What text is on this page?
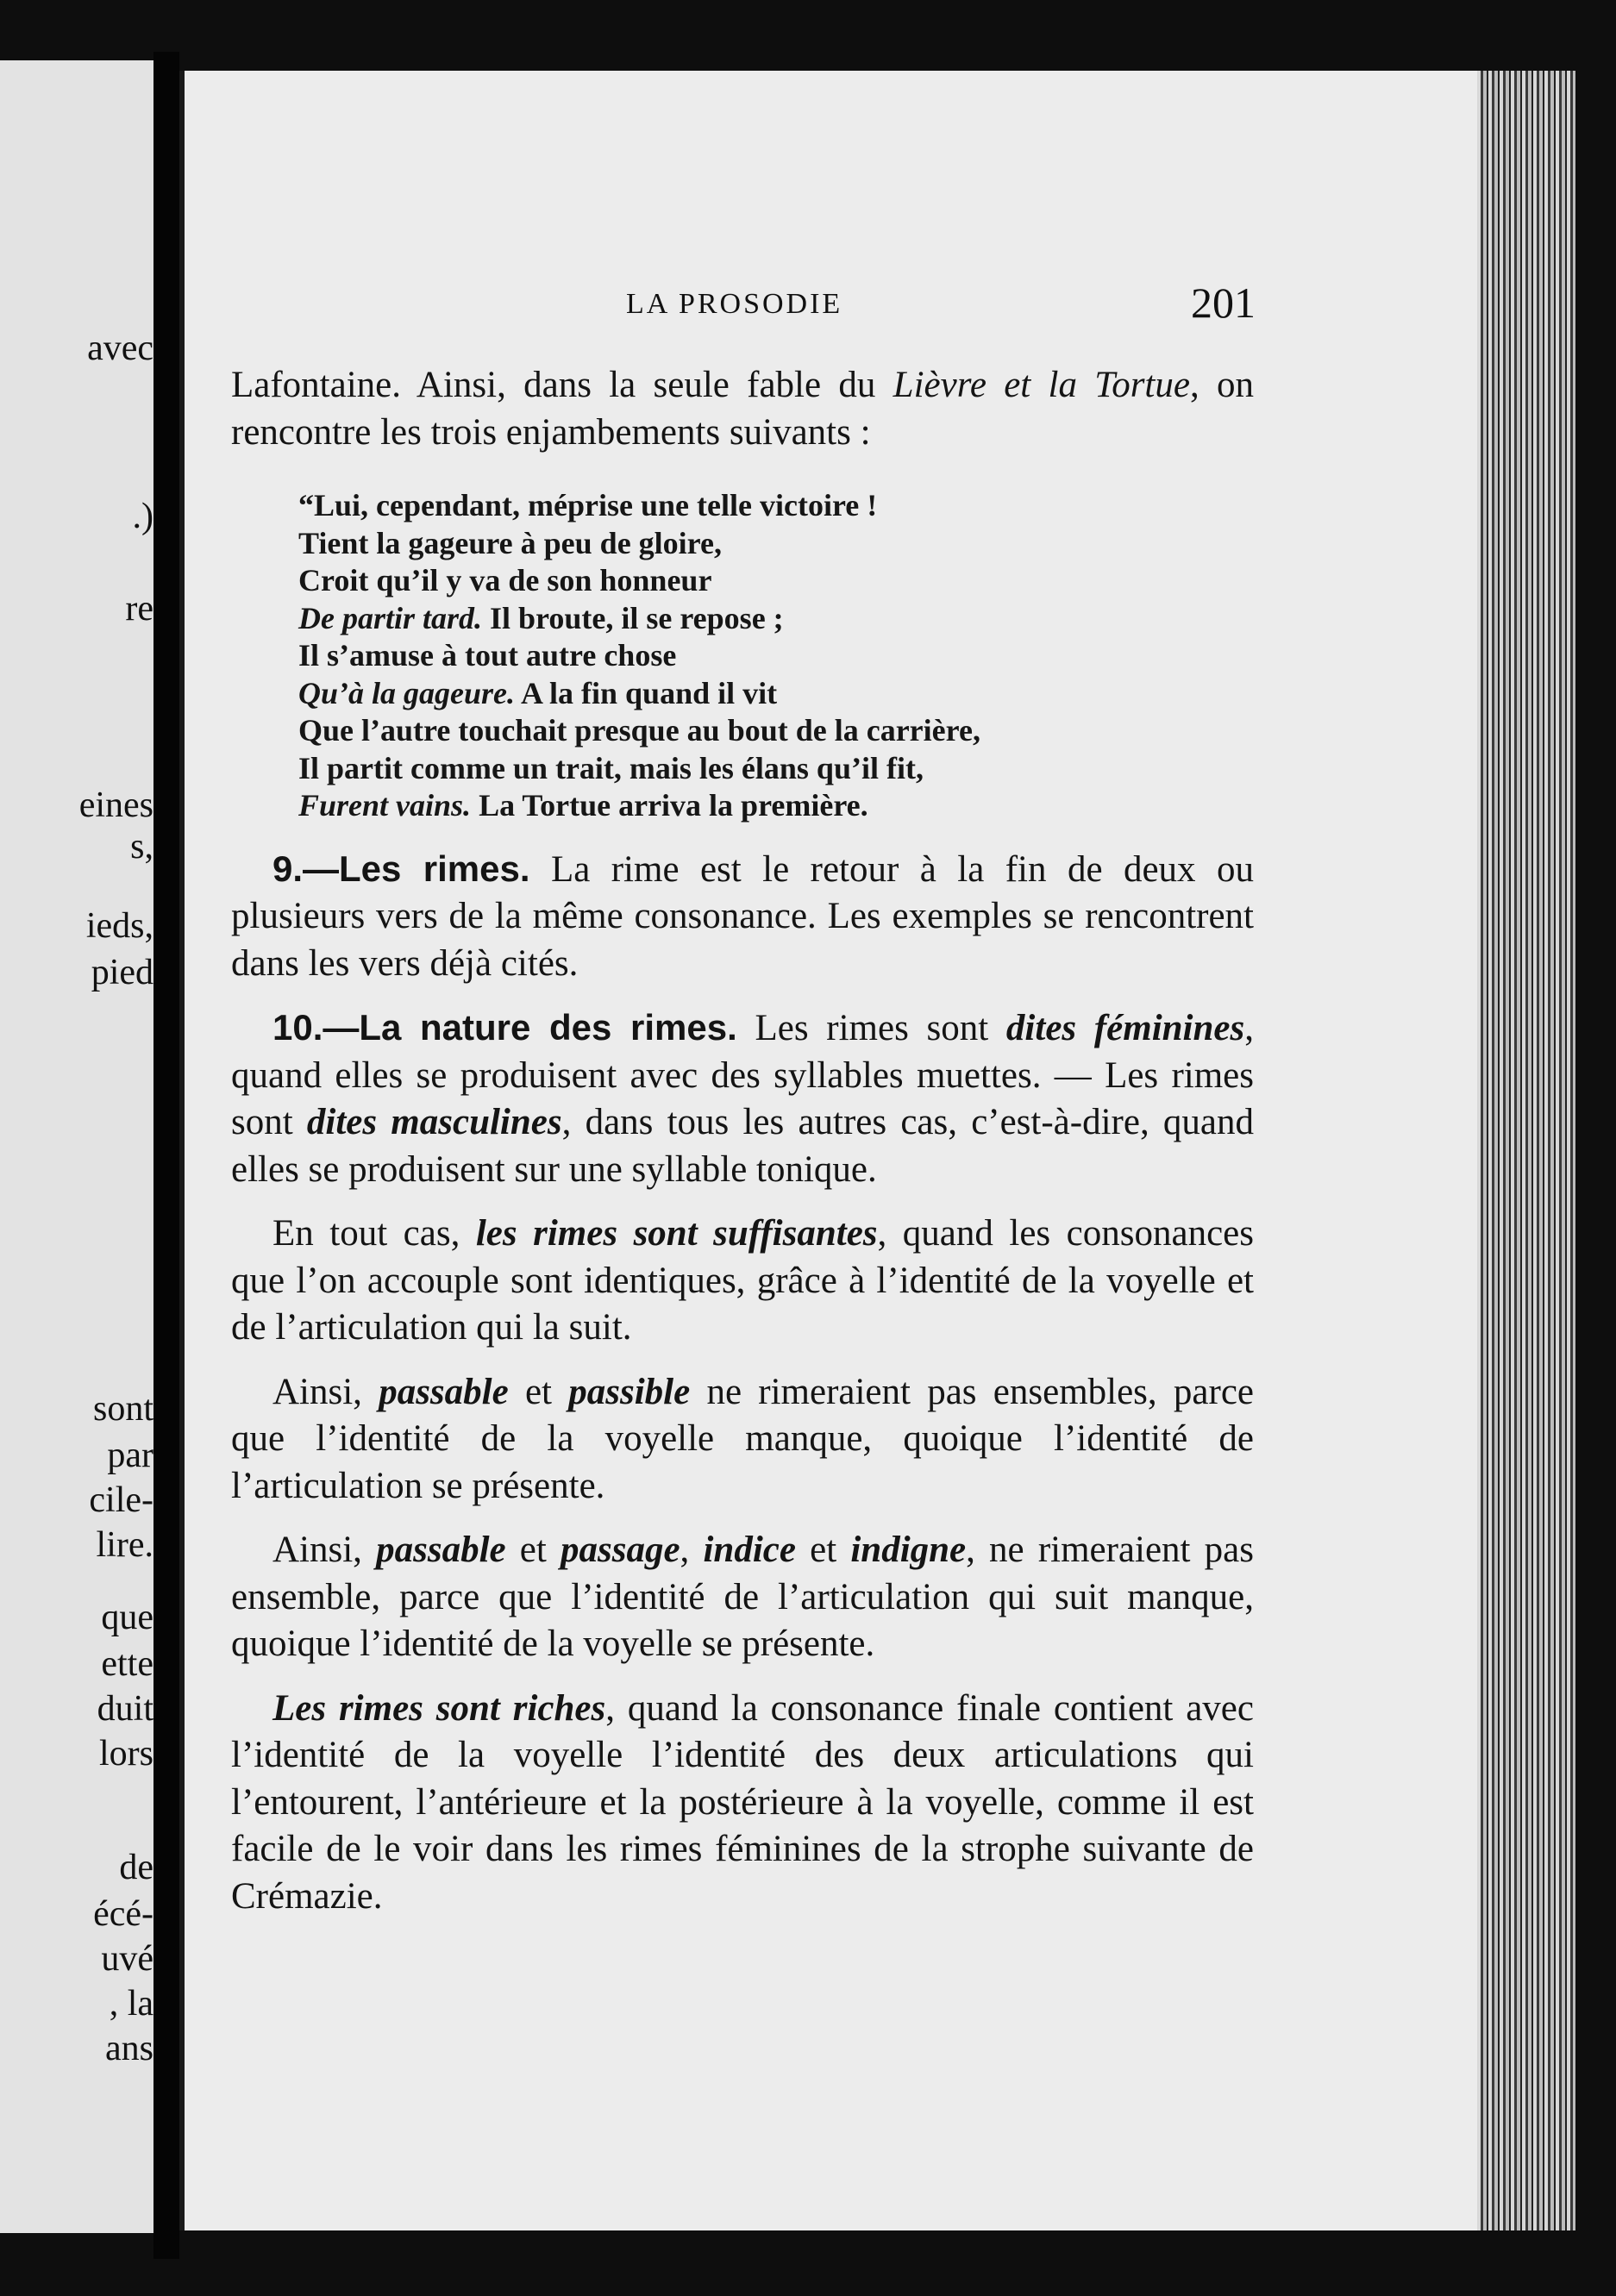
avec
.)
re
eines
s,
ieds,
pied
sont
par
cile-
lire.
que
ette
duit
lors
de
écé-
uvé
, la
ans
LA PROSODIE	201

Lafontaine. Ainsi, dans la seule fable du Lièvre et la Tortue, on rencontre les trois enjambements suivants :

“Lui, cependant, méprise une telle victoire !
Tient la gageure à peu de gloire,
Croit qu’il y va de son honneur
De partir tard. Il broute, il se repose ;
Il s’amuse à tout autre chose
Qu’à la gageure. A la fin quand il vit
Que l’autre touchait presque au bout de la carrière,
Il partit comme un trait, mais les élans qu’il fit,
Furent vains. La Tortue arriva la première.

9.—Les rimes. La rime est le retour à la fin de deux ou plusieurs vers de la même consonance. Les exemples se rencontrent dans les vers déjà cités.

10.—La nature des rimes. Les rimes sont dites féminines, quand elles se produisent avec des syllables muettes. — Les rimes sont dites masculines, dans tous les autres cas, c’est-à-dire, quand elles se produisent sur une syllable tonique.

En tout cas, les rimes sont suffisantes, quand les consonances que l’on accouple sont identiques, grâce à l’identité de la voyelle et de l’articulation qui la suit.

Ainsi, passable et passible ne rimeraient pas ensembles, parce que l’identité de la voyelle manque, quoique l’identité de l’articulation se présente.

Ainsi, passable et passage, indice et indigne, ne rimeraient pas ensemble, parce que l’identité de l’articulation qui suit manque, quoique l’identité de la voyelle se présente.

Les rimes sont riches, quand la consonance finale contient avec l’identité de la voyelle l’identité des deux articulations qui l’entourent, l’antérieure et la postérieure à la voyelle, comme il est facile de le voir dans les rimes féminines de la strophe suivante de Crémazie.
